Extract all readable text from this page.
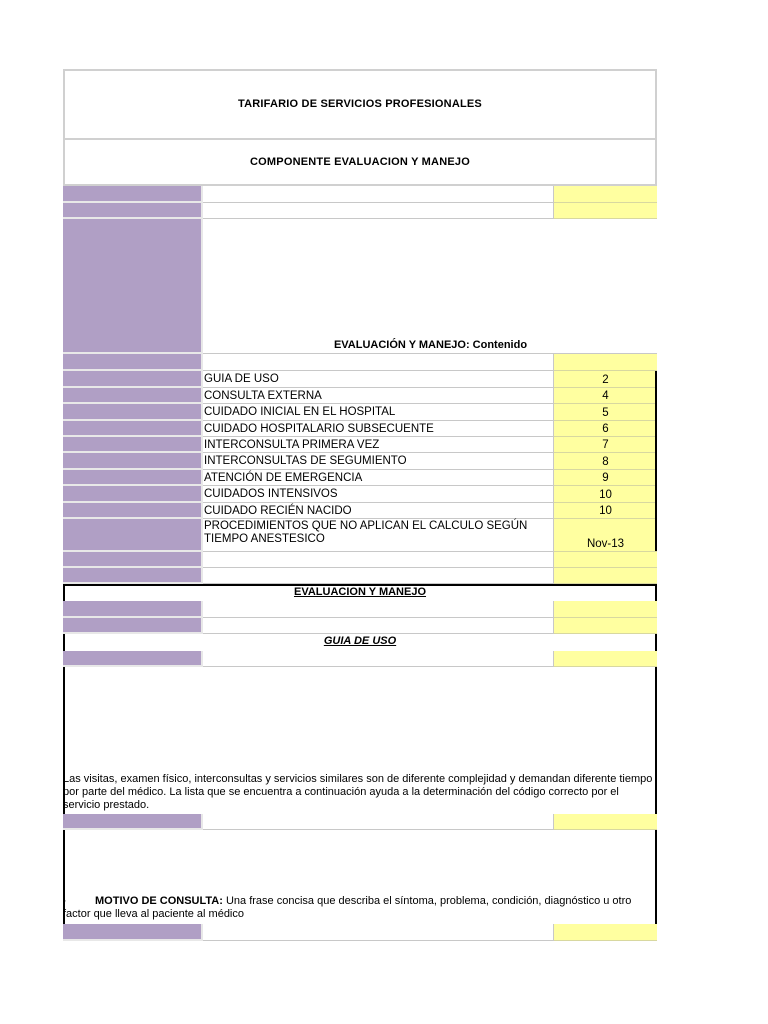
TARIFARIO DE SERVICIOS PROFESIONALES
COMPONENTE EVALUACION Y MANEJO
EVALUACIÓN Y MANEJO: Contenido
GUIA DE USO	2
CONSULTA EXTERNA	4
CUIDADO INICIAL EN EL HOSPITAL	5
CUIDADO HOSPITALARIO SUBSECUENTE	6
INTERCONSULTA PRIMERA VEZ	7
INTERCONSULTAS DE SEGUMIENTO	8
ATENCIÓN DE EMERGENCIA	9
CUIDADOS INTENSIVOS	10
CUIDADO RECIÉN NACIDO	10
PROCEDIMIENTOS QUE NO APLICAN EL CALCULO SEGÚN TIEMPO ANESTESICO	Nov-13
EVALUACION Y MANEJO
GUIA DE USO
Las visitas, examen físico, interconsultas y servicios similares son de diferente complejidad y demandan diferente tiempo por parte del médico. La lista que se encuentra a continuación ayuda a la determinación del código correcto por el servicio prestado.
·	MOTIVO DE CONSULTA: Una frase concisa que describa el síntoma, problema, condición, diagnóstico u otro factor que lleva al paciente al médico
